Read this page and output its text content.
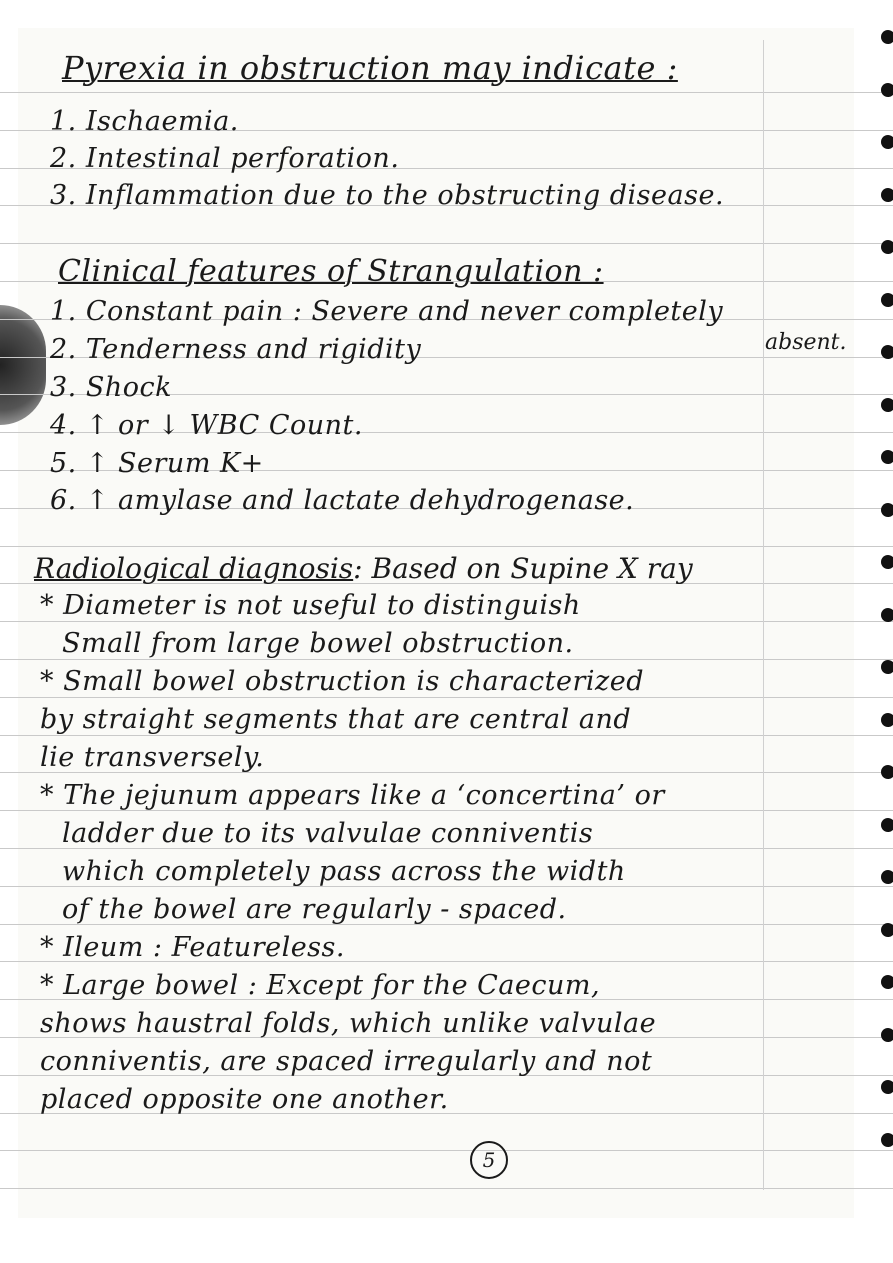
Pyrexia in obstruction may indicate :
1. Ischaemia.
2. Intestinal perforation.
3. Inflammation due to the obstructing disease.
Clinical features of Strangulation :
1. Constant pain : Severe and never completely
absent.
2. Tenderness and rigidity
3. Shock
4. ↑ or ↓ WBC Count.
5. ↑ Serum K+
6. ↑ amylase and lactate dehydrogenase.
Radiological diagnosis: Based on Supine X ray
* Diameter is not useful to distinguish
Small from large bowel obstruction.
* Small bowel obstruction is characterized
by straight segments that are central and
lie transversely.
* The jejunum appears like a ‘concertina’ or
ladder due to its valvulae conniventis
which completely pass across the width
of the bowel are regularly - spaced.
* Ileum : Featureless.
* Large bowel : Except for the Caecum,
shows haustral folds, which unlike valvulae
conniventis, are spaced irregularly and not
placed opposite one another.
5
